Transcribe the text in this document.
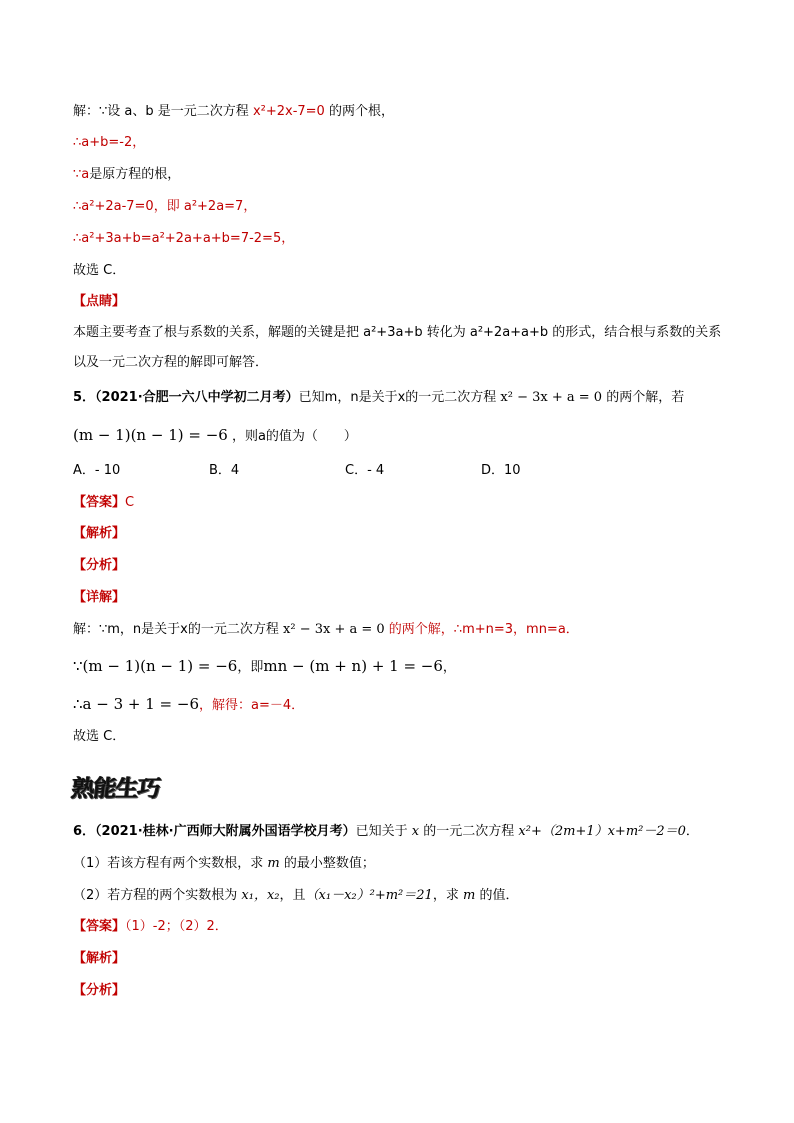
解：∵设 a、b 是一元二次方程 x²+2x-7=0 的两个根，
∴a+b=-2，
∵a是原方程的根，
∴a²+2a-7=0，即 a²+2a=7，
∴a²+3a+b=a²+2a+a+b=7-2=5，
故选 C．
【点睛】
本题主要考查了根与系数的关系，解题的关键是把 a²+3a+b 转化为 a²+2a+a+b 的形式，结合根与系数的关系以及一元二次方程的解即可解答．
5．（2021·合肥一六八中学初二月考）已知m，n是关于x的一元二次方程 x² − 3x + a = 0 的两个解，若
(m − 1)(n − 1) = −6 ，则a的值为（　　）
A．- 10	B．4	C．- 4	D．10
【答案】C
【解析】
【分析】
【详解】
解：∵m，n是关于x的一元二次方程 x² − 3x + a = 0 的两个解，∴m+n=3，mn=a．
∵(m − 1)(n − 1) = −6，即mn − (m + n) + 1 = −6，
∴a − 3 + 1 = −6，解得：a=－4．
故选 C．
熟能生巧
6．（2021·桂林·广西师大附属外国语学校月考）已知关于 x 的一元二次方程 x²+（2m+1）x+m²－2＝0．
（1）若该方程有两个实数根，求 m 的最小整数值；
（2）若方程的两个实数根为 x₁，x₂，且（x₁－x₂）²+m²＝21，求 m 的值．
【答案】（1）-2；（2）2．
【解析】
【分析】
